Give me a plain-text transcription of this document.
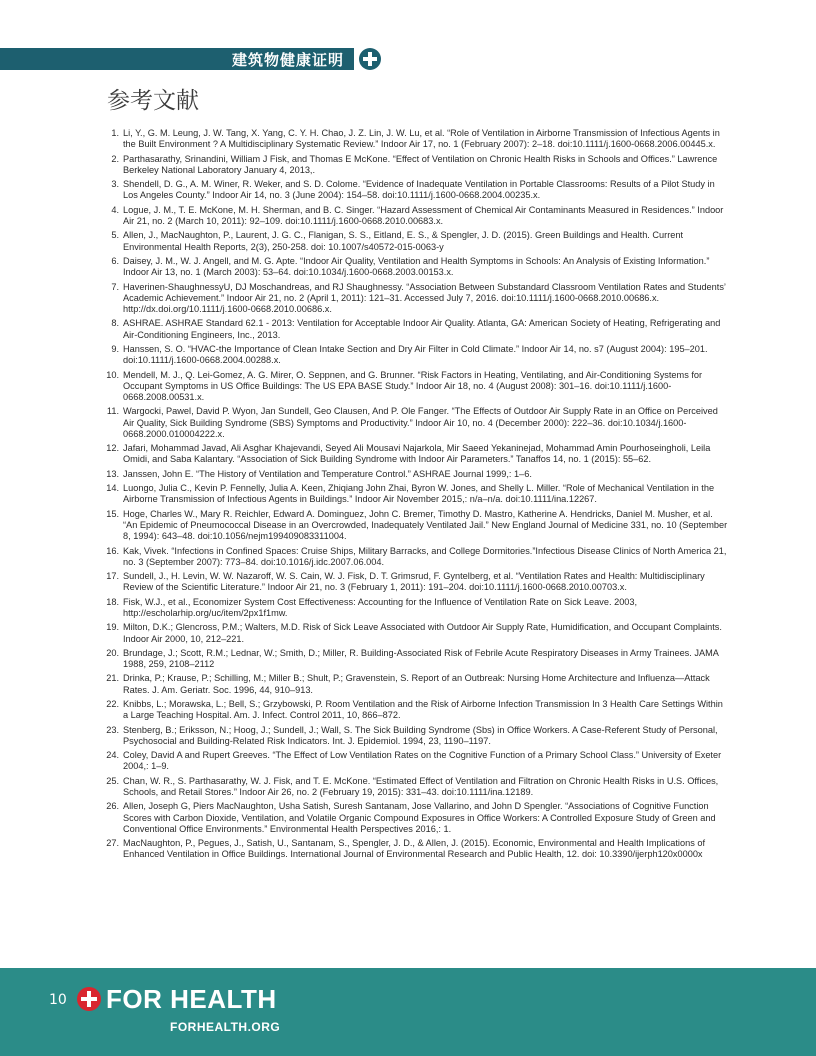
建筑物健康证明
参考文献
1 . Li, Y., G. M. Leung, J. W. Tang, X. Yang, C. Y. H. Chao, J. Z. Lin, J. W. Lu, et al. “Role of Ventilation in Airborne Transmission of Infectious Agents in the Built Environment ? A Multidisciplinary Systematic Review.” Indoor Air 17, no. 1 (February 2007): 2–18. doi:10.1111/j.1600-0668.2006.00445.x.
2 . Parthasarathy, Srinandini, William J Fisk, and Thomas E McKone. “Effect of Ventilation on Chronic Health Risks in Schools and Offices.” Lawrence Berkeley National Laboratory January 4, 2013,.
3 . Shendell, D. G., A. M. Winer, R. Weker, and S. D. Colome. “Evidence of Inadequate Ventilation in Portable Classrooms: Results of a Pilot Study in Los Angeles County.” Indoor Air 14, no. 3 (June 2004): 154–58. doi:10.1111/j.1600-0668.2004.00235.x.
4 . Logue, J. M., T. E. McKone, M. H. Sherman, and B. C. Singer. “Hazard Assessment of Chemical Air Contaminants Measured in Residences.” Indoor Air 21, no. 2 (March 10, 2011): 92–109. doi:10.1111/j.1600-0668.2010.00683.x.
5 . Allen, J., MacNaughton, P., Laurent, J. G. C., Flanigan, S. S., Eitland, E. S., & Spengler, J. D. (2015). Green Buildings and Health. Current Environmental Health Reports, 2(3), 250-258. doi: 10.1007/s40572-015-0063-y
6 . Daisey, J. M., W. J. Angell, and M. G. Apte. “Indoor Air Quality, Ventilation and Health Symptoms in Schools: An Analysis of Existing Information.” Indoor Air 13, no. 1 (March 2003): 53–64. doi:10.1034/j.1600-0668.2003.00153.x.
7 . Haverinen-ShaughnessyU, DJ Moschandreas, and RJ Shaughnessy. “Association Between Substandard Classroom Ventilation Rates and Students’ Academic Achievement.” Indoor Air 21, no. 2 (April 1, 2011): 121–31. Accessed July 7, 2016. doi:10.1111/j.1600-0668.2010.00686.x. http://dx.doi.org/10.1111/j.1600-0668.2010.00686.x.
8 . ASHRAE. ASHRAE Standard 62.1 - 2013: Ventilation for Acceptable Indoor Air Quality. Atlanta, GA: American Society of Heating, Refrigerating and Air-Conditioning Engineers, Inc., 2013.
9 . Hanssen, S. O. “HVAC-the Importance of Clean Intake Section and Dry Air Filter in Cold Climate.” Indoor Air 14, no. s7 (August 2004): 195–201. doi:10.1111/j.1600-0668.2004.00288.x.
10 . Mendell, M. J., Q. Lei-Gomez, A. G. Mirer, O. Seppnen, and G. Brunner. “Risk Factors in Heating, Ventilating, and Air-Conditioning Systems for Occupant Symptoms in US Office Buildings: The US EPA BASE Study.” Indoor Air 18, no. 4 (August 2008): 301–16. doi:10.1111/j.1600-0668.2008.00531.x.
11 . Wargocki, Pawel, David P. Wyon, Jan Sundell, Geo Clausen, And P. Ole Fanger. “The Effects of Outdoor Air Supply Rate in an Office on Perceived Air Quality, Sick Building Syndrome (SBS) Symptoms and Productivity.” Indoor Air 10, no. 4 (December 2000): 222–36. doi:10.1034/j.1600-0668.2000.010004222.x.
12 . Jafari, Mohammad Javad, Ali Asghar Khajevandi, Seyed Ali Mousavi Najarkola, Mir Saeed Yekaninejad, Mohammad Amin Pourhoseingholi, Leila Omidi, and Saba Kalantary. “Association of Sick Building Syndrome with Indoor Air Parameters.” Tanaffos 14, no. 1 (2015): 55–62.
13 . Janssen, John E. “The History of Ventilation and Temperature Control.” ASHRAE Journal 1999,: 1–6.
14 . Luongo, Julia C., Kevin P. Fennelly, Julia A. Keen, Zhiqiang John Zhai, Byron W. Jones, and Shelly L. Miller. “Role of Mechanical Ventilation in the Airborne Transmission of Infectious Agents in Buildings.” Indoor Air November 2015,: n/a–n/a. doi:10.1111/ina.12267.
15 . Hoge, Charles W., Mary R. Reichler, Edward A. Dominguez, John C. Bremer, Timothy D. Mastro, Katherine A. Hendricks, Daniel M. Musher, et al. “An Epidemic of Pneumococcal Disease in an Overcrowded, Inadequately Ventilated Jail.” New England Journal of Medicine 331, no. 10 (September 8, 1994): 643–48. doi:10.1056/nejm199409083311004.
16 . Kak, Vivek. “Infections in Confined Spaces: Cruise Ships, Military Barracks, and College Dormitories.”Infectious Disease Clinics of North America 21, no. 3 (September 2007): 773–84. doi:10.1016/j.idc.2007.06.004.
17 . Sundell, J., H. Levin, W. W. Nazaroff, W. S. Cain, W. J. Fisk, D. T. Grimsrud, F. Gyntelberg, et al. “Ventilation Rates and Health: Multidisciplinary Review of the Scientific Literature.” Indoor Air 21, no. 3 (February 1, 2011): 191–204. doi:10.1111/j.1600-0668.2010.00703.x.
18 . Fisk, W.J., et al., Economizer System Cost Effectiveness: Accounting for the Influence of Ventilation Rate on Sick Leave. 2003, http://escholarhip.org/uc/item/2px1f1mw.
19 . Milton, D.K.; Glencross, P.M.; Walters, M.D. Risk of Sick Leave Associated with Outdoor Air Supply Rate, Humidification, and Occupant Complaints. Indoor Air 2000, 10, 212–221.
20 . Brundage, J.; Scott, R.M.; Lednar, W.; Smith, D.; Miller, R. Building-Associated Risk of Febrile Acute Respiratory Diseases in Army Trainees. JAMA 1988, 259, 2108–2112
21 . Drinka, P.; Krause, P.; Schilling, M.; Miller B.; Shult, P.; Gravenstein, S. Report of an Outbreak: Nursing Home Architecture and Influenza—Attack Rates. J. Am. Geriatr. Soc. 1996, 44, 910–913.
22 . Knibbs, L.; Morawska, L.; Bell, S.; Grzybowski, P. Room Ventilation and the Risk of Airborne Infection Transmission In 3 Health Care Settings Within a Large Teaching Hospital. Am. J. Infect. Control 2011, 10, 866–872.
23 . Stenberg, B.; Eriksson, N.; Hoog, J.; Sundell, J.; Wall, S. The Sick Building Syndrome (Sbs) in Office Workers. A Case-Referent Study of Personal, Psychosocial and Building-Related Risk Indicators. Int. J. Epidemiol. 1994, 23, 1190–1197.
24 . Coley, David A and Rupert Greeves. “The Effect of Low Ventilation Rates on the Cognitive Function of a Primary School Class.” University of Exeter 2004,: 1–9.
25 . Chan, W. R., S. Parthasarathy, W. J. Fisk, and T. E. McKone. “Estimated Effect of Ventilation and Filtration on Chronic Health Risks in U.S. Offices, Schools, and Retail Stores.” Indoor Air 26, no. 2 (February 19, 2015): 331–43. doi:10.1111/ina.12189.
26 . Allen, Joseph G, Piers MacNaughton, Usha Satish, Suresh Santanam, Jose Vallarino, and John D Spengler. “Associations of Cognitive Function Scores with Carbon Dioxide, Ventilation, and Volatile Organic Compound Exposures in Office Workers: A Controlled Exposure Study of Green and Conventional Office Environments.” Environmental Health Perspectives 2016,: 1.
27 . MacNaughton, P., Pegues, J., Satish, U., Santanam, S., Spengler, J. D., & Allen, J. (2015). Economic, Environmental and Health Implications of Enhanced Ventilation in Office Buildings. International Journal of Environmental Research and Public Health, 12. doi: 10.3390/ijerph120x0000x
10 FOR HEALTH
FORHEALTH.ORG
